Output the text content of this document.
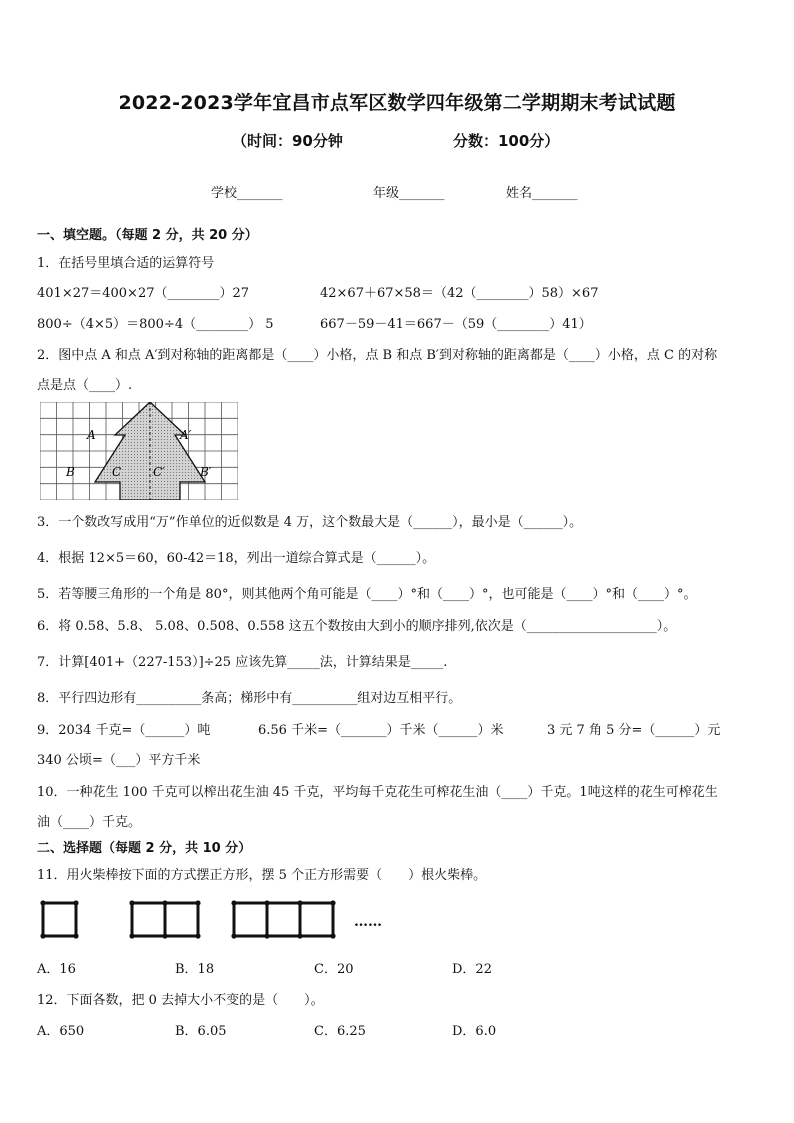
2022-2023学年宜昌市点军区数学四年级第二学期期末考试试题
（时间：90分钟	分数：100分）
学校_______	年级_______	姓名_______
一、填空题。（每题 2 分，共 20 分）
1．在括号里填合适的运算符号
401×27＝400×27（________）27	42×67＋67×58＝（42（________）58）×67
800÷（4×5）＝800÷4（________） 5	667－59－41＝667－（59（________）41）
2．图中点 A 和点 A′到对称轴的距离都是（____）小格，点 B 和点 B′到对称轴的距离都是（____）小格，点 C 的对称
点是点（____）.
A	A′
B	B′
C	C′
3．一个数改写成用“万”作单位的近似数是 4 万，这个数最大是（______），最小是（______）。
4．根据 12×5＝60，60-42＝18，列出一道综合算式是（______）。
5．若等腰三角形的一个角是 80°，则其他两个角可能是（____）°和（____）°，也可能是（____）°和（____）°。
6．将 0.58、5.8、 5.08、0.508、0.558 这五个数按由大到小的顺序排列,依次是（____________________）。
7．计算[401+（227-153）]÷25 应该先算_____法，计算结果是_____.
8．平行四边形有__________条高；梯形中有__________组对边互相平行。
9．2034 千克=（______）吨	6.56 千米=（_______）千米（______）米	3 元 7 角 5 分=（______）元
340 公顷=（___）平方千米
10．一种花生 100 千克可以榨出花生油 45 千克，平均每千克花生可榨花生油（____）千克。1吨这样的花生可榨花生
油（____）千克。
二、选择题（每题 2 分，共 10 分）
11．用火柴棒按下面的方式摆正方形，摆 5 个正方形需要（　　）根火柴棒。
……
A．16	B．18	C．20	D．22
12．下面各数，把 0 去掉大小不变的是（　　）。
A．650	B．6.05	C．6.25	D．6.0
